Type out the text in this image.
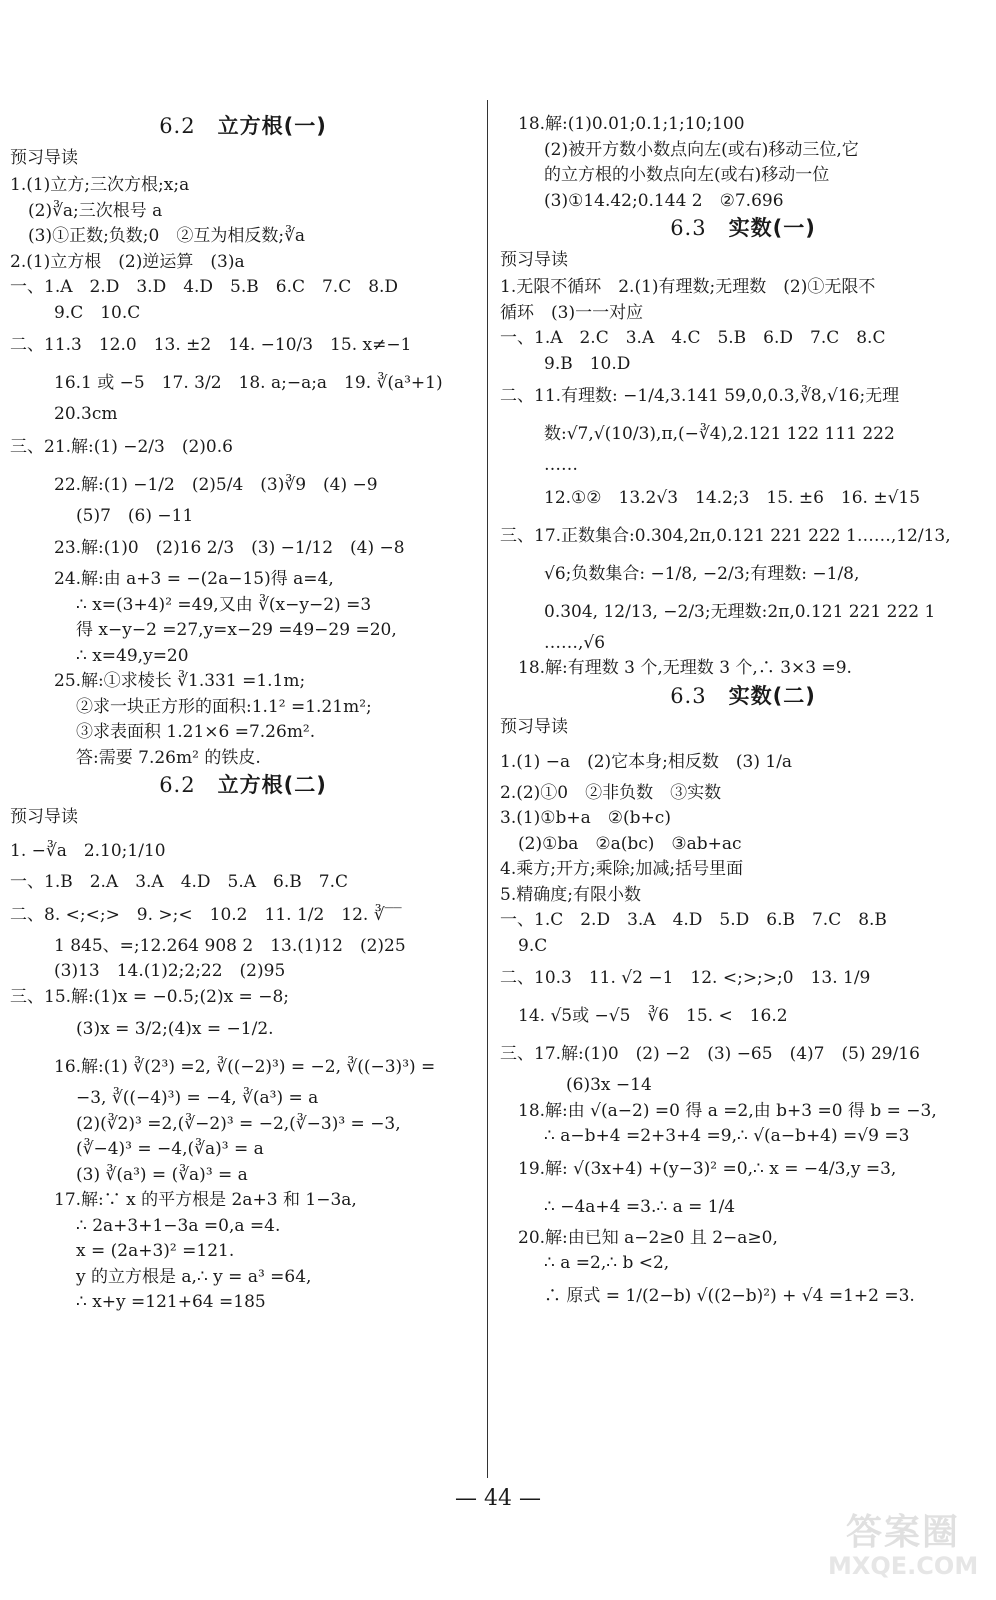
6.2 立方根(一)
预习导读
1.(1)立方;三次方根;x;a
(2)∛a;三次根号 a
(3)①正数;负数;0　②互为相反数;∛a
2.(1)立方根　(2)逆运算　(3)a
一、1.A　2.D　3.D　4.D　5.B　6.C　7.C　8.D
9.C　10.C
二、11.3　12.0　13. ±2　14. −10/3　15. x≠−1
16.1 或 −5　17. 3/2　18. a;−a;a　19. ∛(a³+1)
20.3cm
三、21.解:(1) −2/3　(2)0.6
22.解:(1) −1/2　(2)5/4　(3)∛9　(4) −9
(5)7　(6) −11
23.解:(1)0　(2)16 2/3　(3) −1/12　(4) −8
24.解:由 a+3 = −(2a−15)得 a=4,
∴ x=(3+4)² =49,又由 ∛(x−y−2) =3
得 x−y−2 =27,y=x−29 =49−29 =20,
∴ x=49,y=20
25.解:①求棱长 ∛1.331 =1.1m;
②求一块正方形的面积:1.1² =1.21m²;
③求表面积 1.21×6 =7.26m².
答:需要 7.26m² 的铁皮.
6.2 立方根(二)
预习导读
1. −∛a　2.10;1/10
一、1.B　2.A　3.A　4.D　5.A　6.B　7.C
二、8. <;<;>　9. >;<　10.2　11. 1/2　12. ∛‾‾
1 845、=;12.264 908 2　13.(1)12　(2)25
(3)13　14.(1)2;2;22　(2)95
三、15.解:(1)x = −0.5;(2)x = −8;
(3)x = 3/2;(4)x = −1/2.
16.解:(1) ∛(2³) =2, ∛((−2)³) = −2, ∛((−3)³) =
−3, ∛((−4)³) = −4, ∛(a³) = a
(2)(∛2)³ =2,(∛−2)³ = −2,(∛−3)³ = −3,
(∛−4)³ = −4,(∛a)³ = a
(3) ∛(a³) = (∛a)³ = a
17.解:∵ x 的平方根是 2a+3 和 1−3a,
∴ 2a+3+1−3a =0,a =4.
x = (2a+3)² =121.
y 的立方根是 a,∴ y = a³ =64,
∴ x+y =121+64 =185
18.解:(1)0.01;0.1;1;10;100
(2)被开方数小数点向左(或右)移动三位,它
的立方根的小数点向左(或右)移动一位
(3)①14.42;0.144 2　②7.696
6.3 实数(一)
预习导读
1.无限不循环　2.(1)有理数;无理数　(2)①无限不
循环　(3)一一对应
一、1.A　2.C　3.A　4.C　5.B　6.D　7.C　8.C
9.B　10.D
二、11.有理数: −1/4,3.141 59,0,0.3,∛8,√16;无理
数:√7,√(10/3),π,(−∛4),2.121 122 111 222
……
12.①②　13.2√3　14.2;3　15. ±6　16. ±√15
三、17.正数集合:0.304,2π,0.121 221 222 1……,12/13,
√6;负数集合: −1/8, −2/3;有理数: −1/8,
0.304, 12/13, −2/3;无理数:2π,0.121 221 222 1
……,√6
18.解:有理数 3 个,无理数 3 个,∴ 3×3 =9.
6.3 实数(二)
预习导读
1.(1) −a　(2)它本身;相反数　(3) 1/a
2.(2)①0　②非负数　③实数
3.(1)①b+a　②(b+c)
(2)①ba　②a(bc)　③ab+ac
4.乘方;开方;乘除;加减;括号里面
5.精确度;有限小数
一、1.C　2.D　3.A　4.D　5.D　6.B　7.C　8.B
9.C
二、10.3　11. √2 −1　12. <;>;>;0　13. 1/9
14. √5或 −√5　∛6　15. <　16.2
三、17.解:(1)0　(2) −2　(3) −65　(4)7　(5) 29/16
(6)3x −14
18.解:由 √(a−2) =0 得 a =2,由 b+3 =0 得 b = −3,
∴ a−b+4 =2+3+4 =9,∴ √(a−b+4) =√9 =3
19.解: √(3x+4) +(y−3)² =0,∴ x = −4/3,y =3,
∴ −4a+4 =3.∴ a = 1/4
20.解:由已知 a−2≥0 且 2−a≥0,
∴ a =2,∴ b <2,
∴ 原式 = 1/(2−b) √((2−b)²) + √4 =1+2 =3.
— 44 —
答案圈
MXQE.COM
